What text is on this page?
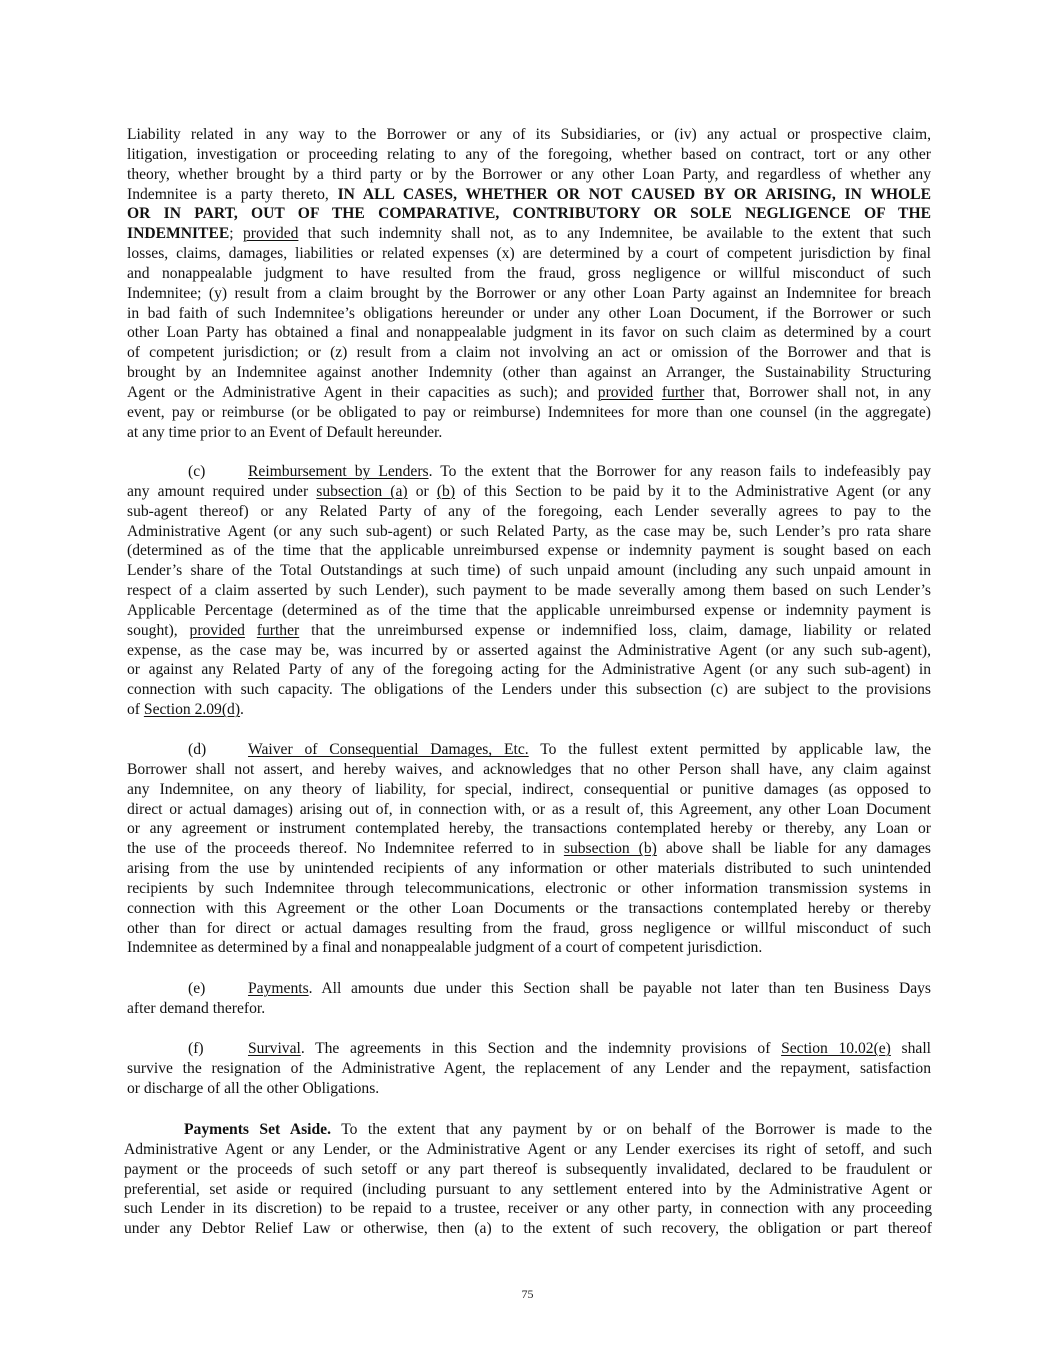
Liability related in any way to the Borrower or any of its Subsidiaries, or (iv) any actual or prospective claim,
litigation, investigation or proceeding relating to any of the foregoing, whether based on contract, tort or any other
theory, whether brought by a third party or by the Borrower or any other Loan Party, and regardless of whether any
Indemnitee is a party thereto, IN ALL CASES, WHETHER OR NOT CAUSED BY OR ARISING, IN WHOLE
OR IN PART, OUT OF THE COMPARATIVE, CONTRIBUTORY OR SOLE NEGLIGENCE OF THE
INDEMNITEE; provided that such indemnity shall not, as to any Indemnitee, be available to the extent that such
losses, claims, damages, liabilities or related expenses (x) are determined by a court of competent jurisdiction by final
and nonappealable judgment to have resulted from the fraud, gross negligence or willful misconduct of such
Indemnitee; (y) result from a claim brought by the Borrower or any other Loan Party against an Indemnitee for breach
in bad faith of such Indemnitee’s obligations hereunder or under any other Loan Document, if the Borrower or such
other Loan Party has obtained a final and nonappealable judgment in its favor on such claim as determined by a court
of competent jurisdiction; or (z) result from a claim not involving an act or omission of the Borrower and that is
brought by an Indemnitee against another Indemnity (other than against an Arranger, the Sustainability Structuring
Agent or the Administrative Agent in their capacities as such); and provided further that, Borrower shall not, in any
event, pay or reimburse (or be obligated to pay or reimburse) Indemnitees for more than one counsel (in the aggregate)
at any time prior to an Event of Default hereunder.
(c)	Reimbursement by Lenders. To the extent that the Borrower for any reason fails to indefeasibly pay
any amount required under subsection (a) or (b) of this Section to be paid by it to the Administrative Agent (or any
sub-agent thereof) or any Related Party of any of the foregoing, each Lender severally agrees to pay to the
Administrative Agent (or any such sub-agent) or such Related Party, as the case may be, such Lender’s pro rata share
(determined as of the time that the applicable unreimbursed expense or indemnity payment is sought based on each
Lender’s share of the Total Outstandings at such time) of such unpaid amount (including any such unpaid amount in
respect of a claim asserted by such Lender), such payment to be made severally among them based on such Lender’s
Applicable Percentage (determined as of the time that the applicable unreimbursed expense or indemnity payment is
sought), provided further that the unreimbursed expense or indemnified loss, claim, damage, liability or related
expense, as the case may be, was incurred by or asserted against the Administrative Agent (or any such sub-agent),
or against any Related Party of any of the foregoing acting for the Administrative Agent (or any such sub-agent) in
connection with such capacity. The obligations of the Lenders under this subsection (c) are subject to the provisions
of Section 2.09(d).
(d)	Waiver of Consequential Damages, Etc. To the fullest extent permitted by applicable law, the
Borrower shall not assert, and hereby waives, and acknowledges that no other Person shall have, any claim against
any Indemnitee, on any theory of liability, for special, indirect, consequential or punitive damages (as opposed to
direct or actual damages) arising out of, in connection with, or as a result of, this Agreement, any other Loan Document
or any agreement or instrument contemplated hereby, the transactions contemplated hereby or thereby, any Loan or
the use of the proceeds thereof. No Indemnitee referred to in subsection (b) above shall be liable for any damages
arising from the use by unintended recipients of any information or other materials distributed to such unintended
recipients by such Indemnitee through telecommunications, electronic or other information transmission systems in
connection with this Agreement or the other Loan Documents or the transactions contemplated hereby or thereby
other than for direct or actual damages resulting from the fraud, gross negligence or willful misconduct of such
Indemnitee as determined by a final and nonappealable judgment of a court of competent jurisdiction.
(e)	Payments. All amounts due under this Section shall be payable not later than ten Business Days
after demand therefor.
(f)	Survival. The agreements in this Section and the indemnity provisions of Section 10.02(e) shall
survive the resignation of the Administrative Agent, the replacement of any Lender and the repayment, satisfaction
or discharge of all the other Obligations.
Payments Set Aside. To the extent that any payment by or on behalf of the Borrower is made to the
Administrative Agent or any Lender, or the Administrative Agent or any Lender exercises its right of setoff, and such
payment or the proceeds of such setoff or any part thereof is subsequently invalidated, declared to be fraudulent or
preferential, set aside or required (including pursuant to any settlement entered into by the Administrative Agent or
such Lender in its discretion) to be repaid to a trustee, receiver or any other party, in connection with any proceeding
under any Debtor Relief Law or otherwise, then (a) to the extent of such recovery, the obligation or part thereof
75
